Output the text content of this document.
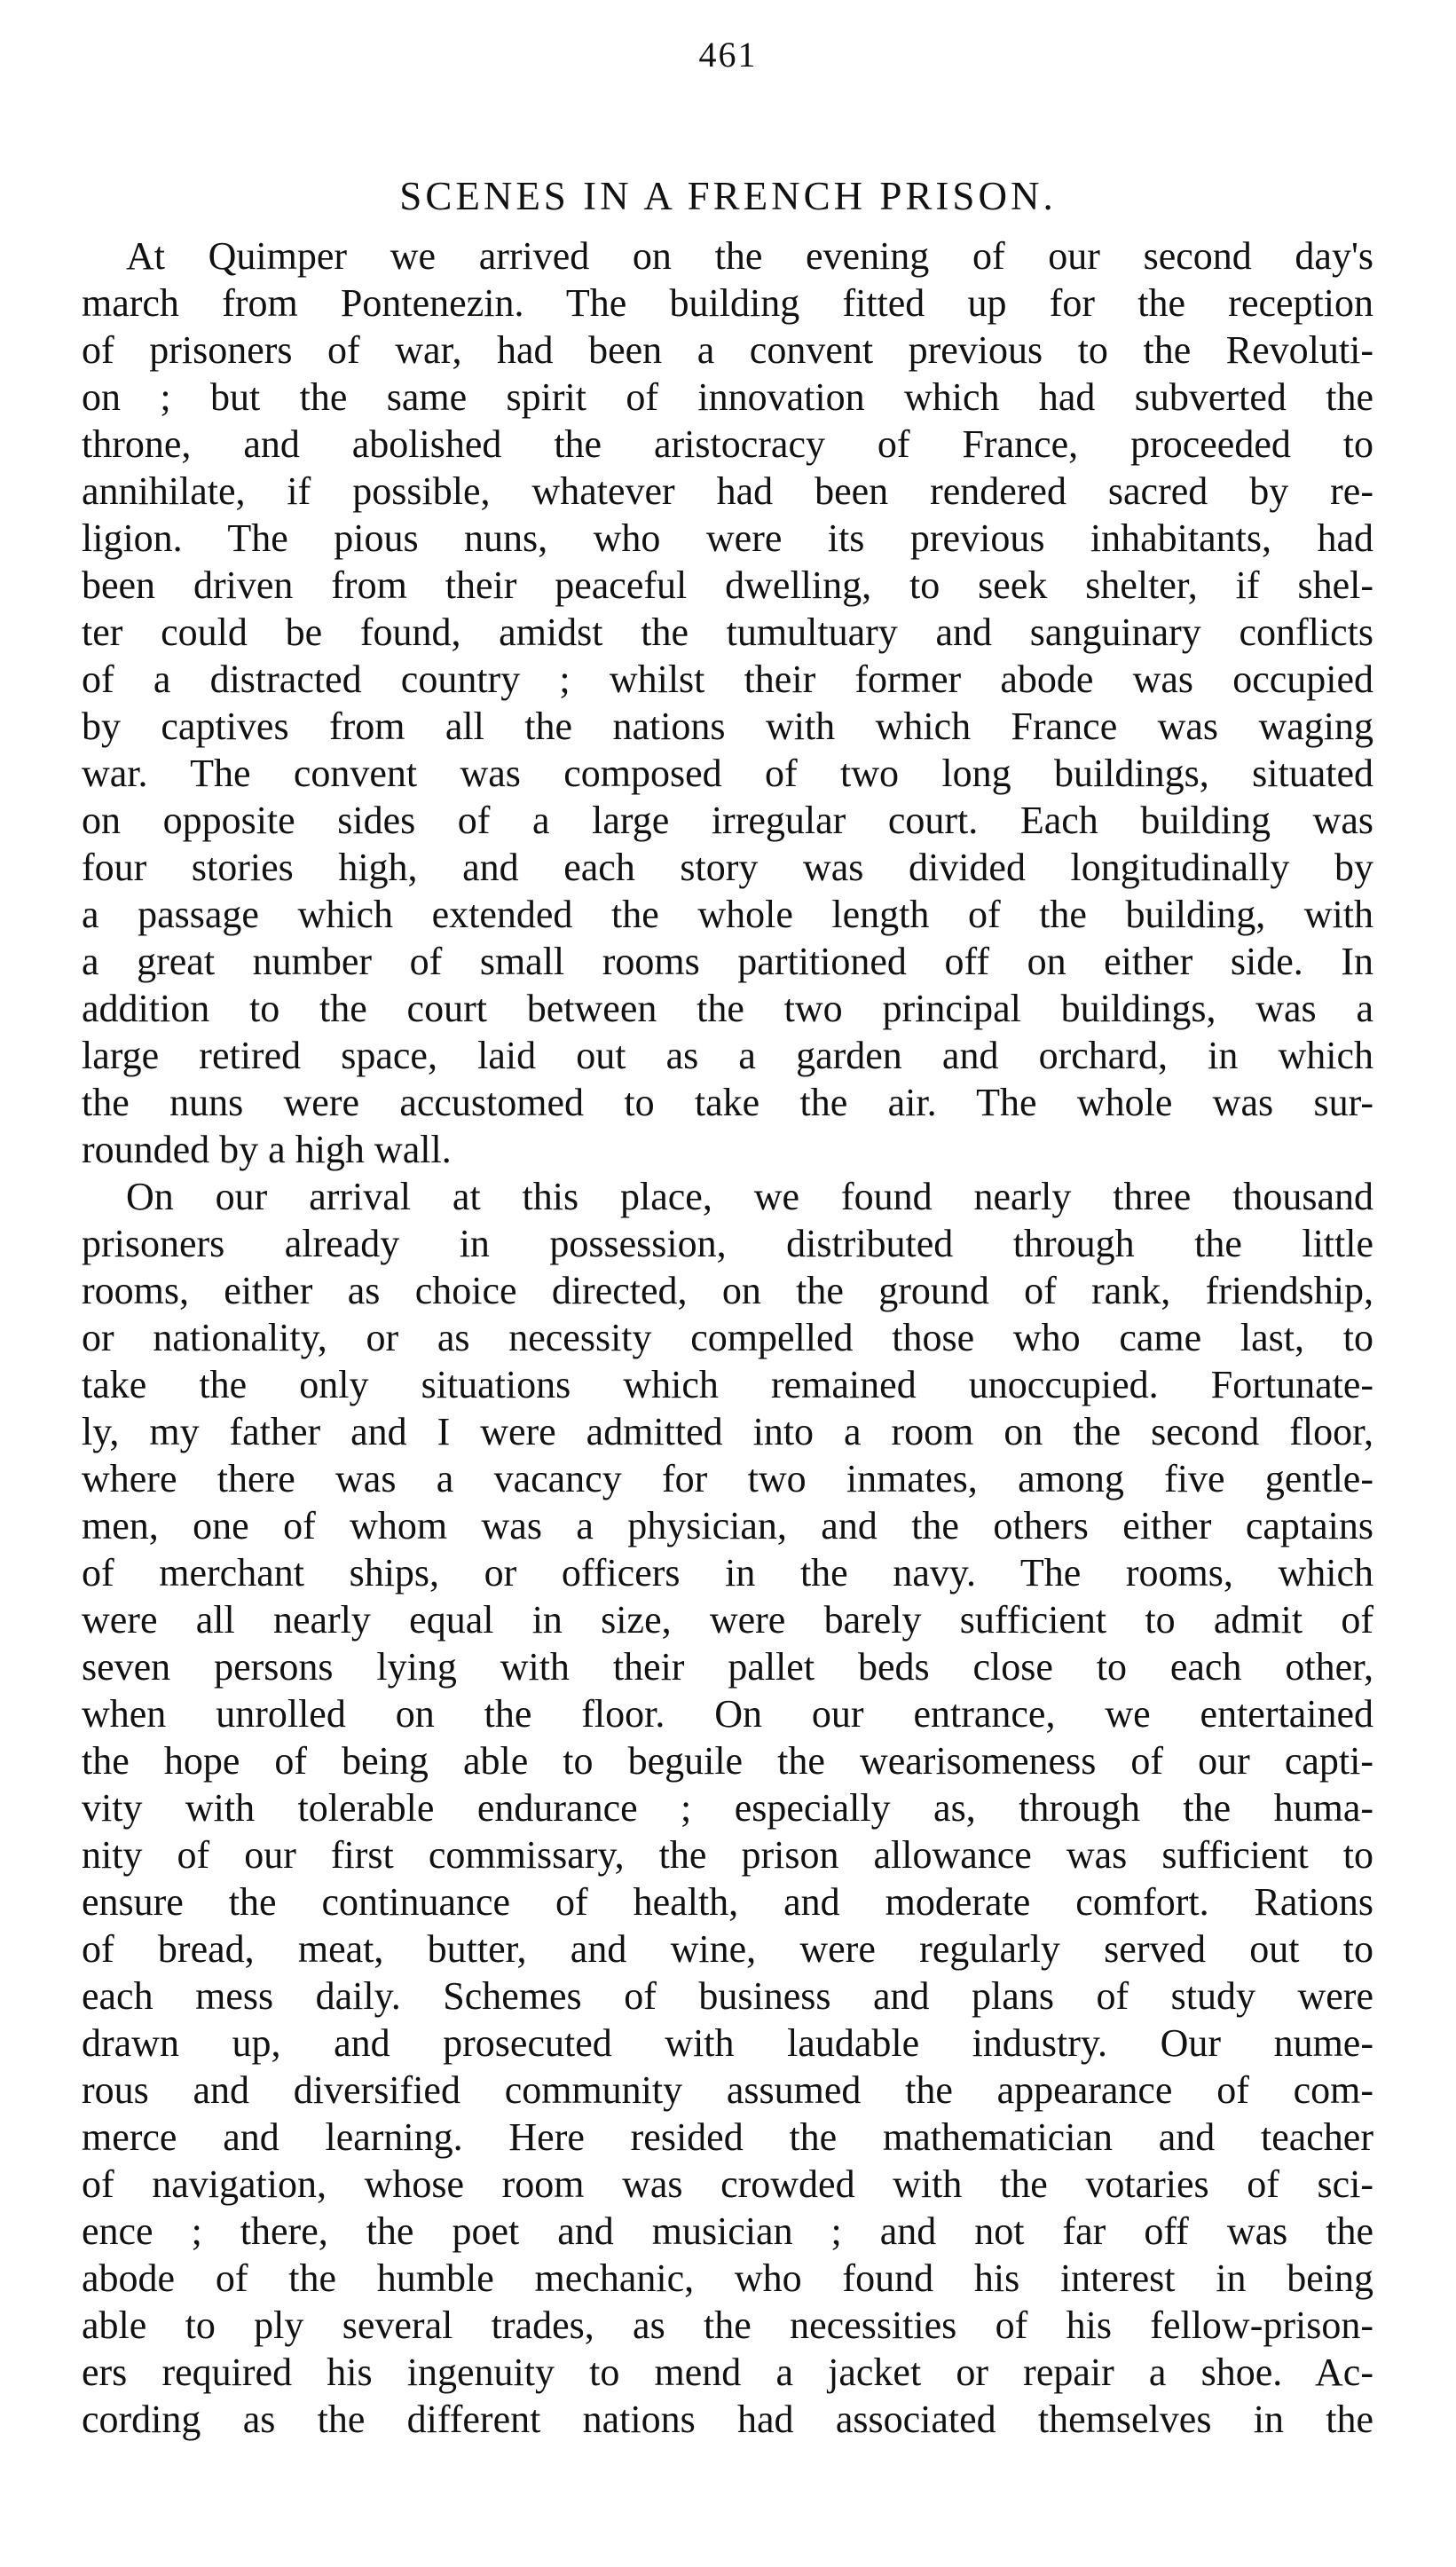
461
SCENES IN A FRENCH PRISON.
At Quimper we arrived on the evening of our second day's
march from Pontenezin. The building fitted up for the reception
of prisoners of war, had been a convent previous to the Revoluti-
on ; but the same spirit of innovation which had subverted the
throne, and abolished the aristocracy of France, proceeded to
annihilate, if possible, whatever had been rendered sacred by re-
ligion. The pious nuns, who were its previous inhabitants, had
been driven from their peaceful dwelling, to seek shelter, if shel-
ter could be found, amidst the tumultuary and sanguinary conflicts
of a distracted country ; whilst their former abode was occupied
by captives from all the nations with which France was waging
war. The convent was composed of two long buildings, situated
on opposite sides of a large irregular court. Each building was
four stories high, and each story was divided longitudinally by
a passage which extended the whole length of the building, with
a great number of small rooms partitioned off on either side. In
addition to the court between the two principal buildings, was a
large retired space, laid out as a garden and orchard, in which
the nuns were accustomed to take the air. The whole was sur-
rounded by a high wall.
On our arrival at this place, we found nearly three thousand
prisoners already in possession, distributed through the little
rooms, either as choice directed, on the ground of rank, friendship,
or nationality, or as necessity compelled those who came last, to
take the only situations which remained unoccupied. Fortunate-
ly, my father and I were admitted into a room on the second floor,
where there was a vacancy for two inmates, among five gentle-
men, one of whom was a physician, and the others either captains
of merchant ships, or officers in the navy. The rooms, which
were all nearly equal in size, were barely sufficient to admit of
seven persons lying with their pallet beds close to each other,
when unrolled on the floor. On our entrance, we entertained
the hope of being able to beguile the wearisomeness of our capti-
vity with tolerable endurance ; especially as, through the huma-
nity of our first commissary, the prison allowance was sufficient to
ensure the continuance of health, and moderate comfort. Rations
of bread, meat, butter, and wine, were regularly served out to
each mess daily. Schemes of business and plans of study were
drawn up, and prosecuted with laudable industry. Our nume-
rous and diversified community assumed the appearance of com-
merce and learning. Here resided the mathematician and teacher
of navigation, whose room was crowded with the votaries of sci-
ence ; there, the poet and musician ; and not far off was the
abode of the humble mechanic, who found his interest in being
able to ply several trades, as the necessities of his fellow-prison-
ers required his ingenuity to mend a jacket or repair a shoe. Ac-
cording as the different nations had associated themselves in the
